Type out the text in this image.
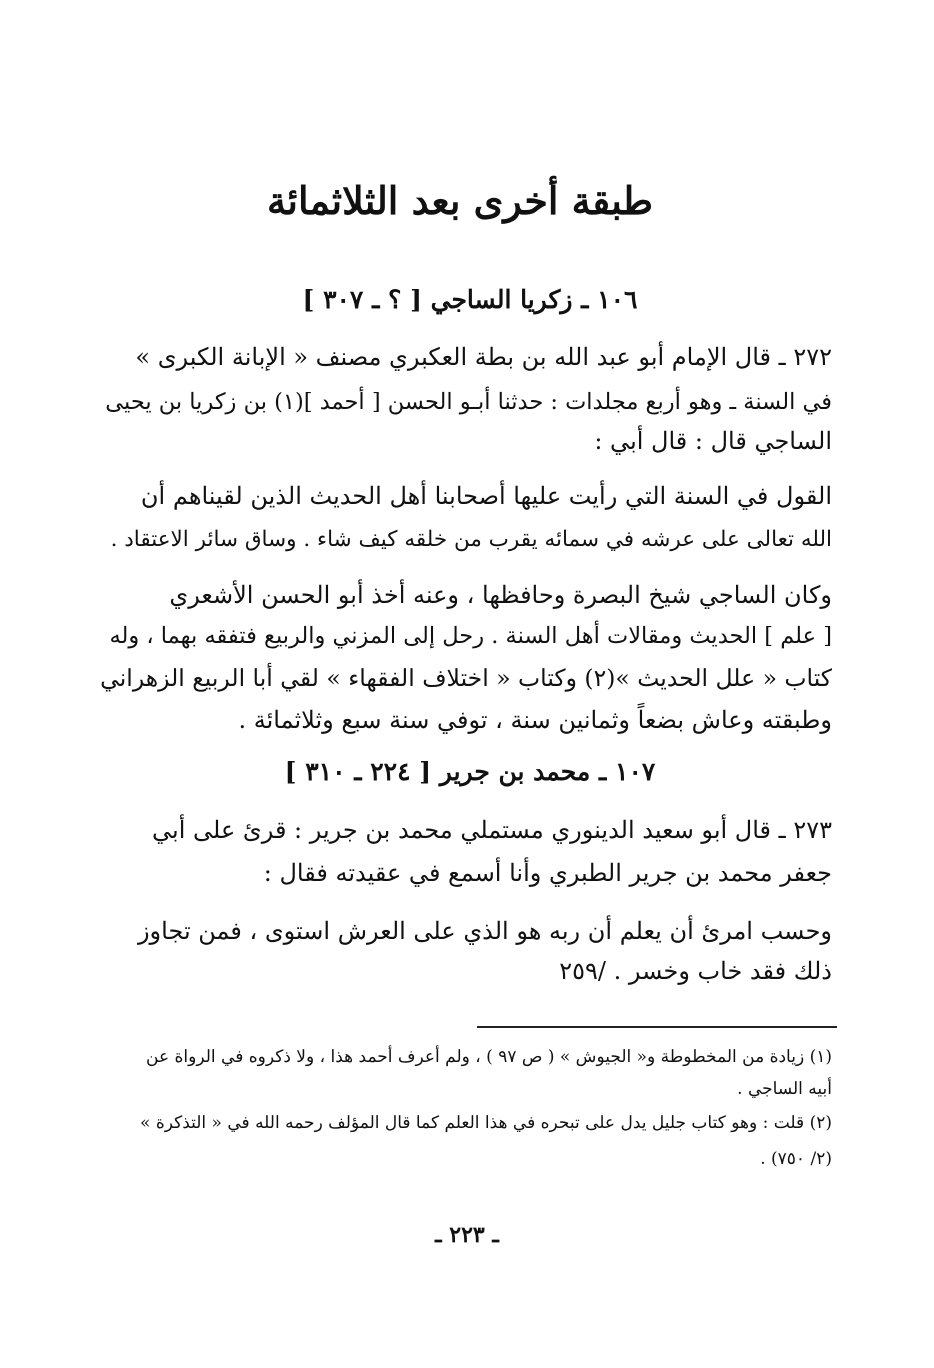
طبقة أخرى بعد الثلاثمائة
١٠٦ ـ زكريا الساجي [ ؟ ـ ٣٠٧ ]
٢٧٢ ـ قال الإمام أبو عبد الله بن بطة العكبري مصنف « الإبانة الكبرى »
في السنة ـ وهو أربع مجلدات : حدثنا أبـو الحسن [ أحمد ](١) بن زكريا بن يحيى
الساجي قال : قال أبي :
القول في السنة التي رأيت عليها أصحابنا أهل الحديث الذين لقيناهم أن
الله تعالى على عرشه في سمائه يقرب من خلقه كيف شاء . وساق سائر الاعتقاد .
وكان الساجي شيخ البصرة وحافظها ، وعنه أخذ أبو الحسن الأشعري
[ علم ] الحديث ومقالات أهل السنة . رحل إلى المزني والربيع فتفقه بهما ، وله
كتاب « علل الحديث »(٢) وكتاب « اختلاف الفقهاء » لقي أبا الربيع الزهراني
وطبقته وعاش بضعاً وثمانين سنة ، توفي سنة سبع وثلاثمائة .
١٠٧ ـ محمد بن جرير [ ٢٢٤ ـ ٣١٠ ]
٢٧٣ ـ قال أبو سعيد الدينوري مستملي محمد بن جرير : قرئ على أبي
جعفر محمد بن جرير الطبري وأنا أسمع في عقيدته فقال :
وحسب امرئ أن يعلم أن ربه هو الذي على العرش استوى ، فمن تجاوز
ذلك فقد خاب وخسر . /٢٥٩
(١) زيادة من المخطوطة و« الجيوش » ( ص ٩٧ ) ، ولم أعرف أحمد هذا ، ولا ذكروه في الرواة عن
أبيه الساجي .
(٢) قلت : وهو كتاب جليل يدل على تبحره في هذا العلم كما قال المؤلف رحمه الله في « التذكرة »
(٢/ ٧٥٠) .
ـ ٢٢٣ ـ
